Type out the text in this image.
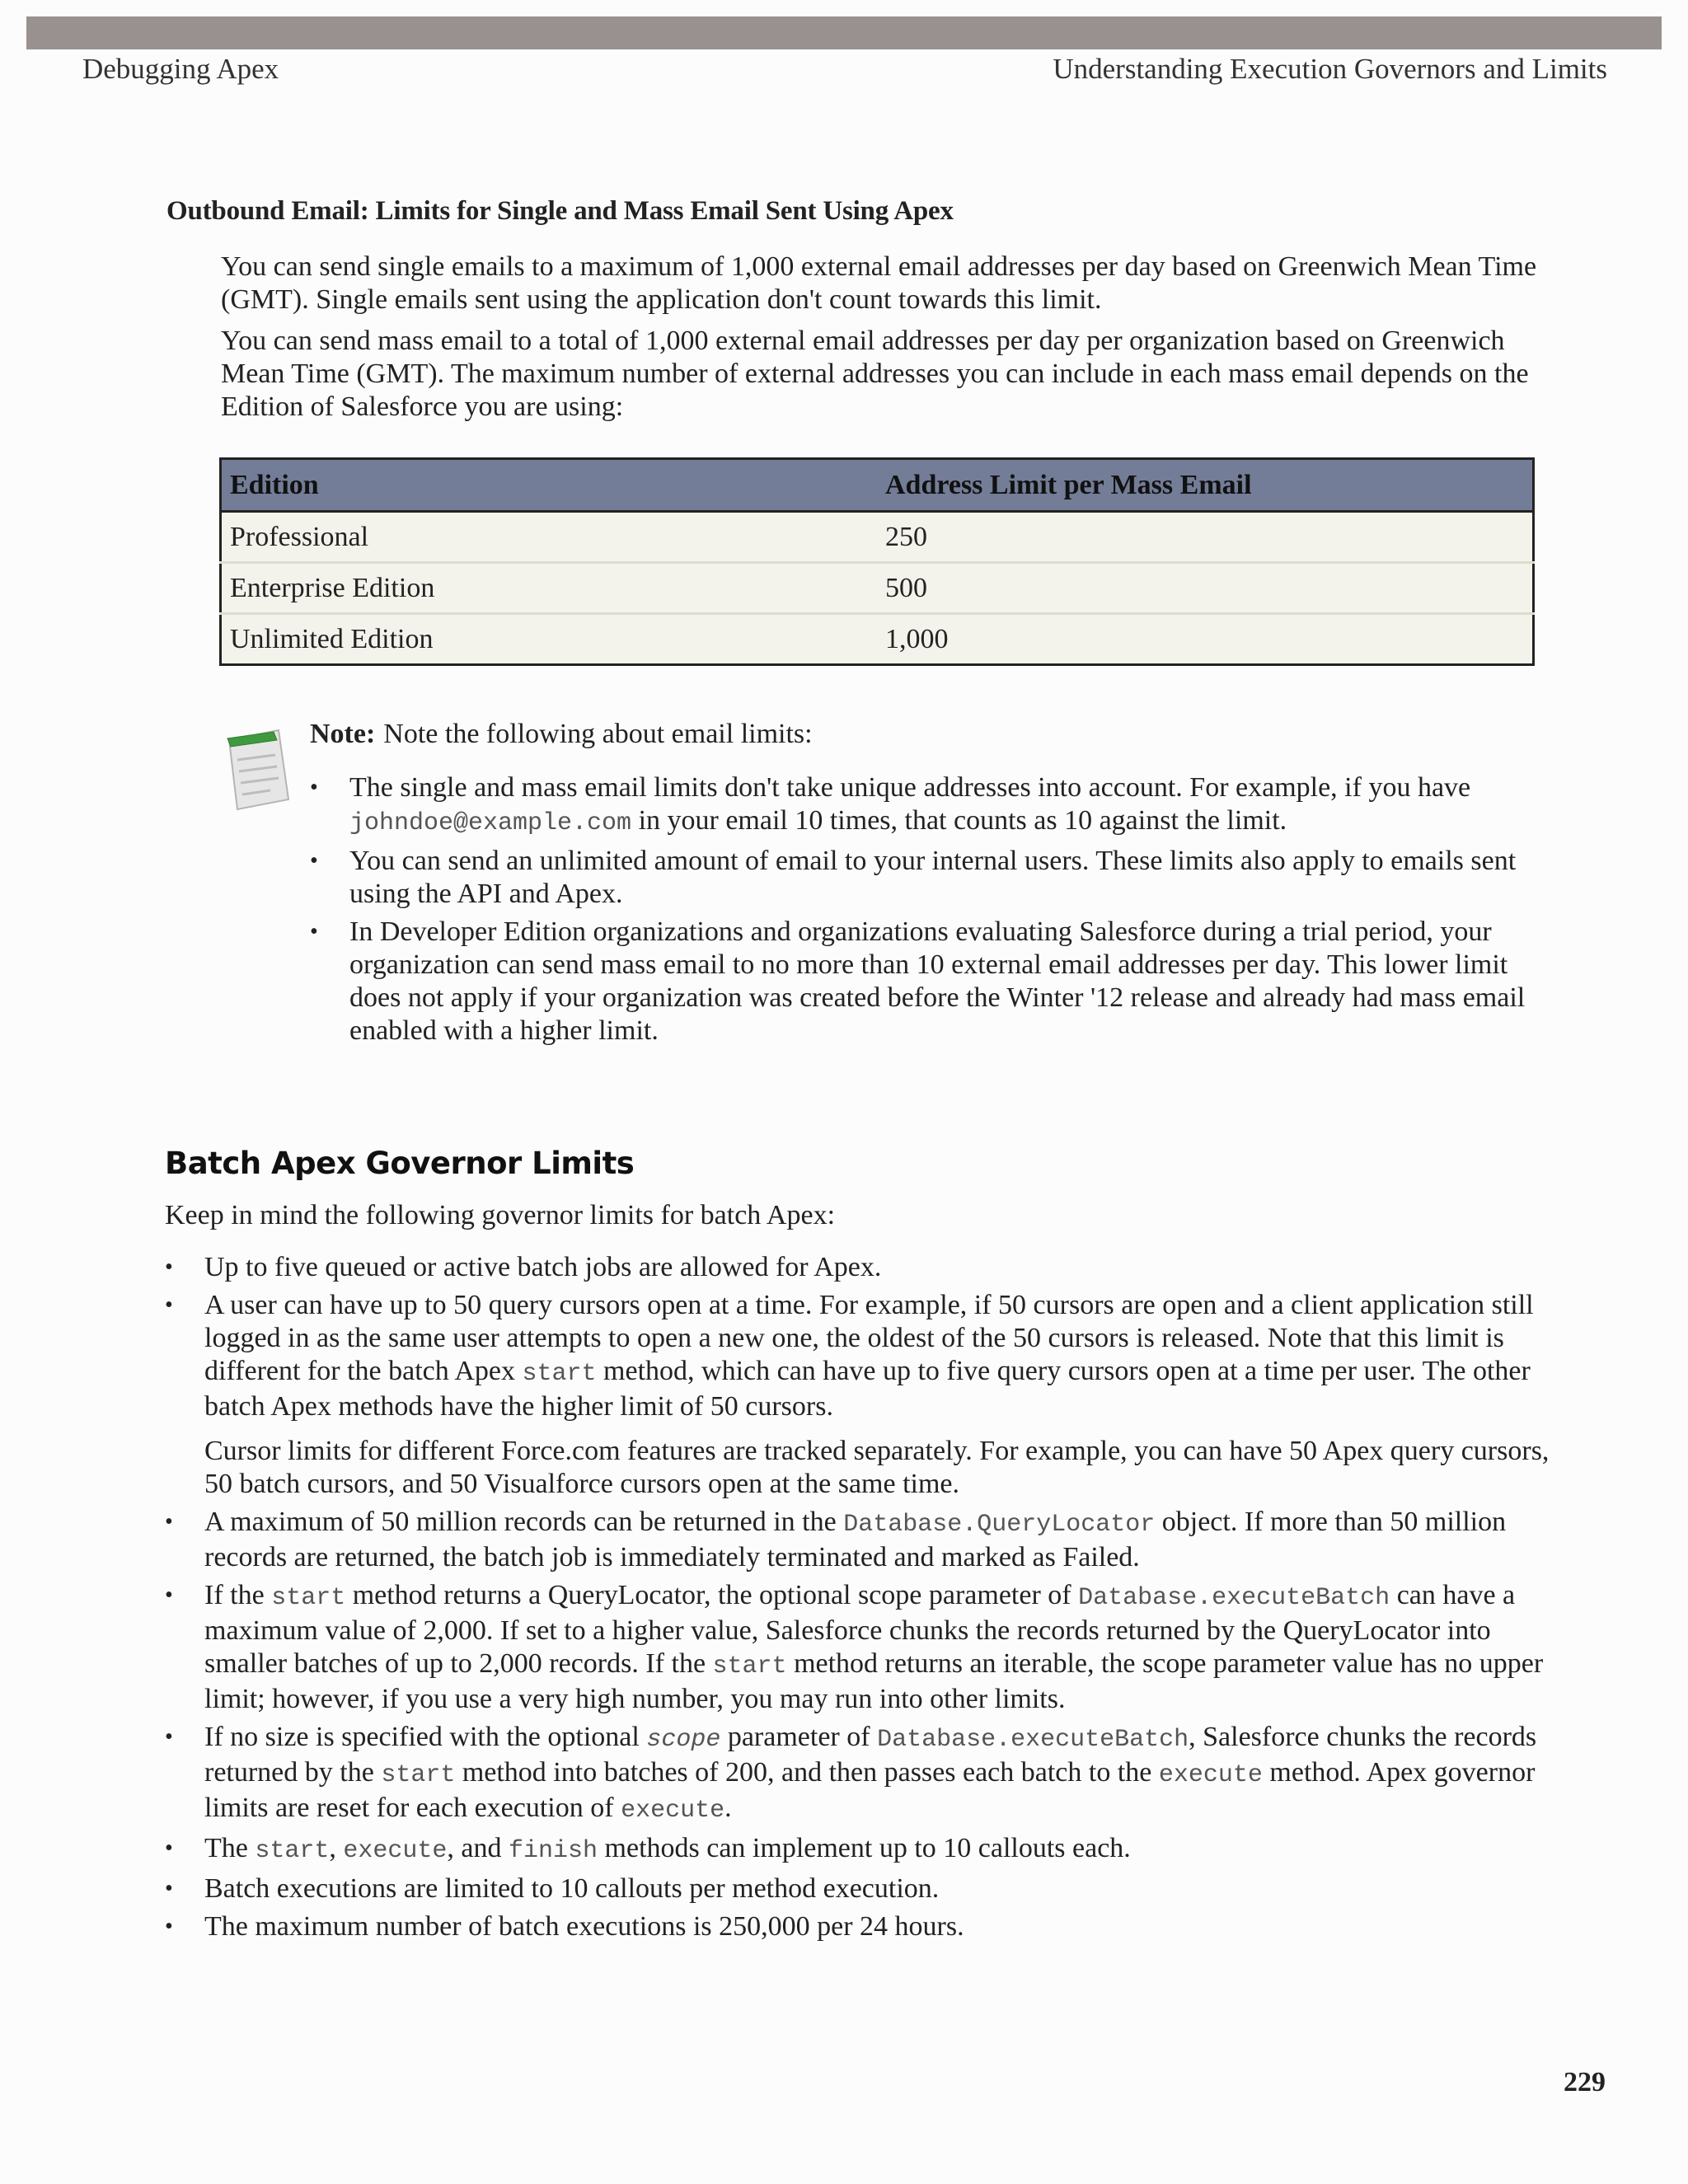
Debugging Apex	Understanding Execution Governors and Limits
Outbound Email: Limits for Single and Mass Email Sent Using Apex

You can send single emails to a maximum of 1,000 external email addresses per day based on Greenwich Mean Time (GMT). Single emails sent using the application don't count towards this limit.

You can send mass email to a total of 1,000 external email addresses per day per organization based on Greenwich Mean Time (GMT). The maximum number of external addresses you can include in each mass email depends on the Edition of Salesforce you are using:

Edition	Address Limit per Mass Email
Professional	250
Enterprise Edition	500
Unlimited Edition	1,000
Note: Note the following about email limits:
• The single and mass email limits don't take unique addresses into account. For example, if you have johndoe@example.com in your email 10 times, that counts as 10 against the limit.
• You can send an unlimited amount of email to your internal users. These limits also apply to emails sent using the API and Apex.
• In Developer Edition organizations and organizations evaluating Salesforce during a trial period, your organization can send mass email to no more than 10 external email addresses per day. This lower limit does not apply if your organization was created before the Winter '12 release and already had mass email enabled with a higher limit.
Batch Apex Governor Limits
Keep in mind the following governor limits for batch Apex:
• Up to five queued or active batch jobs are allowed for Apex.
• A user can have up to 50 query cursors open at a time. For example, if 50 cursors are open and a client application still logged in as the same user attempts to open a new one, the oldest of the 50 cursors is released. Note that this limit is different for the batch Apex start method, which can have up to five query cursors open at a time per user. The other batch Apex methods have the higher limit of 50 cursors.
Cursor limits for different Force.com features are tracked separately. For example, you can have 50 Apex query cursors, 50 batch cursors, and 50 Visualforce cursors open at the same time.
• A maximum of 50 million records can be returned in the Database.QueryLocator object. If more than 50 million records are returned, the batch job is immediately terminated and marked as Failed.
• If the start method returns a QueryLocator, the optional scope parameter of Database.executeBatch can have a maximum value of 2,000. If set to a higher value, Salesforce chunks the records returned by the QueryLocator into smaller batches of up to 2,000 records. If the start method returns an iterable, the scope parameter value has no upper limit; however, if you use a very high number, you may run into other limits.
• If no size is specified with the optional scope parameter of Database.executeBatch, Salesforce chunks the records returned by the start method into batches of 200, and then passes each batch to the execute method. Apex governor limits are reset for each execution of execute.
• The start, execute, and finish methods can implement up to 10 callouts each.
• Batch executions are limited to 10 callouts per method execution.
• The maximum number of batch executions is 250,000 per 24 hours.
229
